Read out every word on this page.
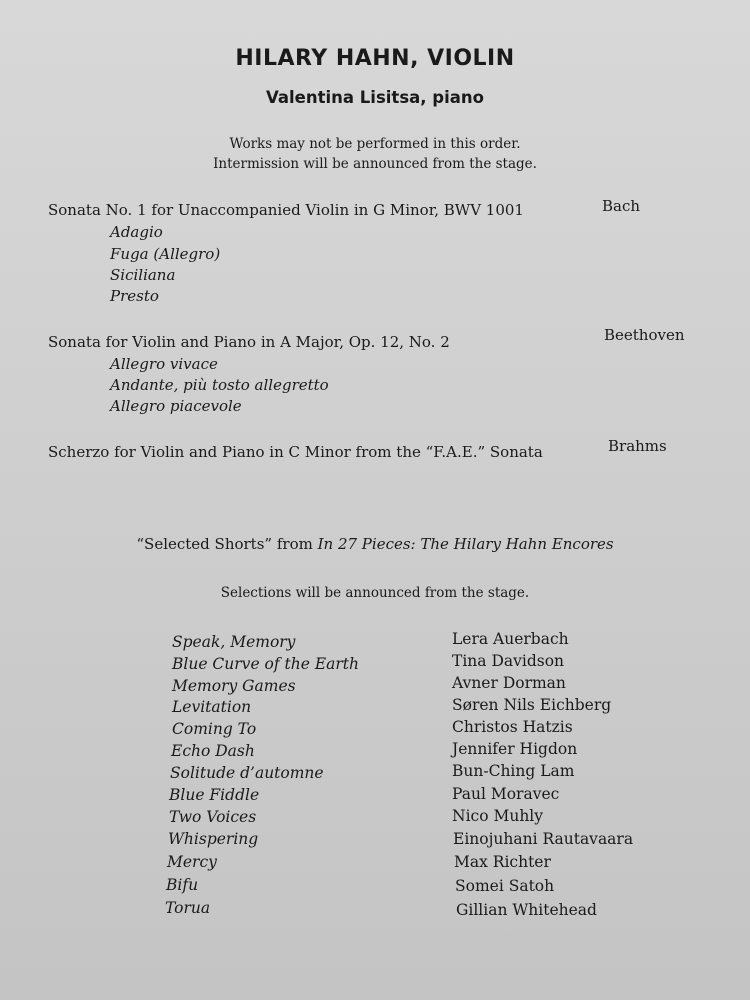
HILARY HAHN, VIOLIN
Valentina Lisitsa, piano
Works may not be performed in this order.
Intermission will be announced from the stage.
Sonata No. 1 for Unaccompanied Violin in G Minor, BWV 1001	Bach
Adagio
Fuga (Allegro)
Siciliana
Presto
Sonata for Violin and Piano in A Major, Op. 12, No. 2	Beethoven
Allegro vivace
Andante, più tosto allegretto
Allegro piacevole
Scherzo for Violin and Piano in C Minor from the “F.A.E.” Sonata	Brahms
“Selected Shorts” from In 27 Pieces: The Hilary Hahn Encores
Selections will be announced from the stage.
Speak, Memory	Lera Auerbach
Blue Curve of the Earth	Tina Davidson
Memory Games	Avner Dorman
Levitation	Søren Nils Eichberg
Coming To	Christos Hatzis
Echo Dash	Jennifer Higdon
Solitude d’automne	Bun-Ching Lam
Blue Fiddle	Paul Moravec
Two Voices	Nico Muhly
Whispering	Einojuhani Rautavaara
Mercy	Max Richter
Bifu	Somei Satoh
Torua	Gillian Whitehead
